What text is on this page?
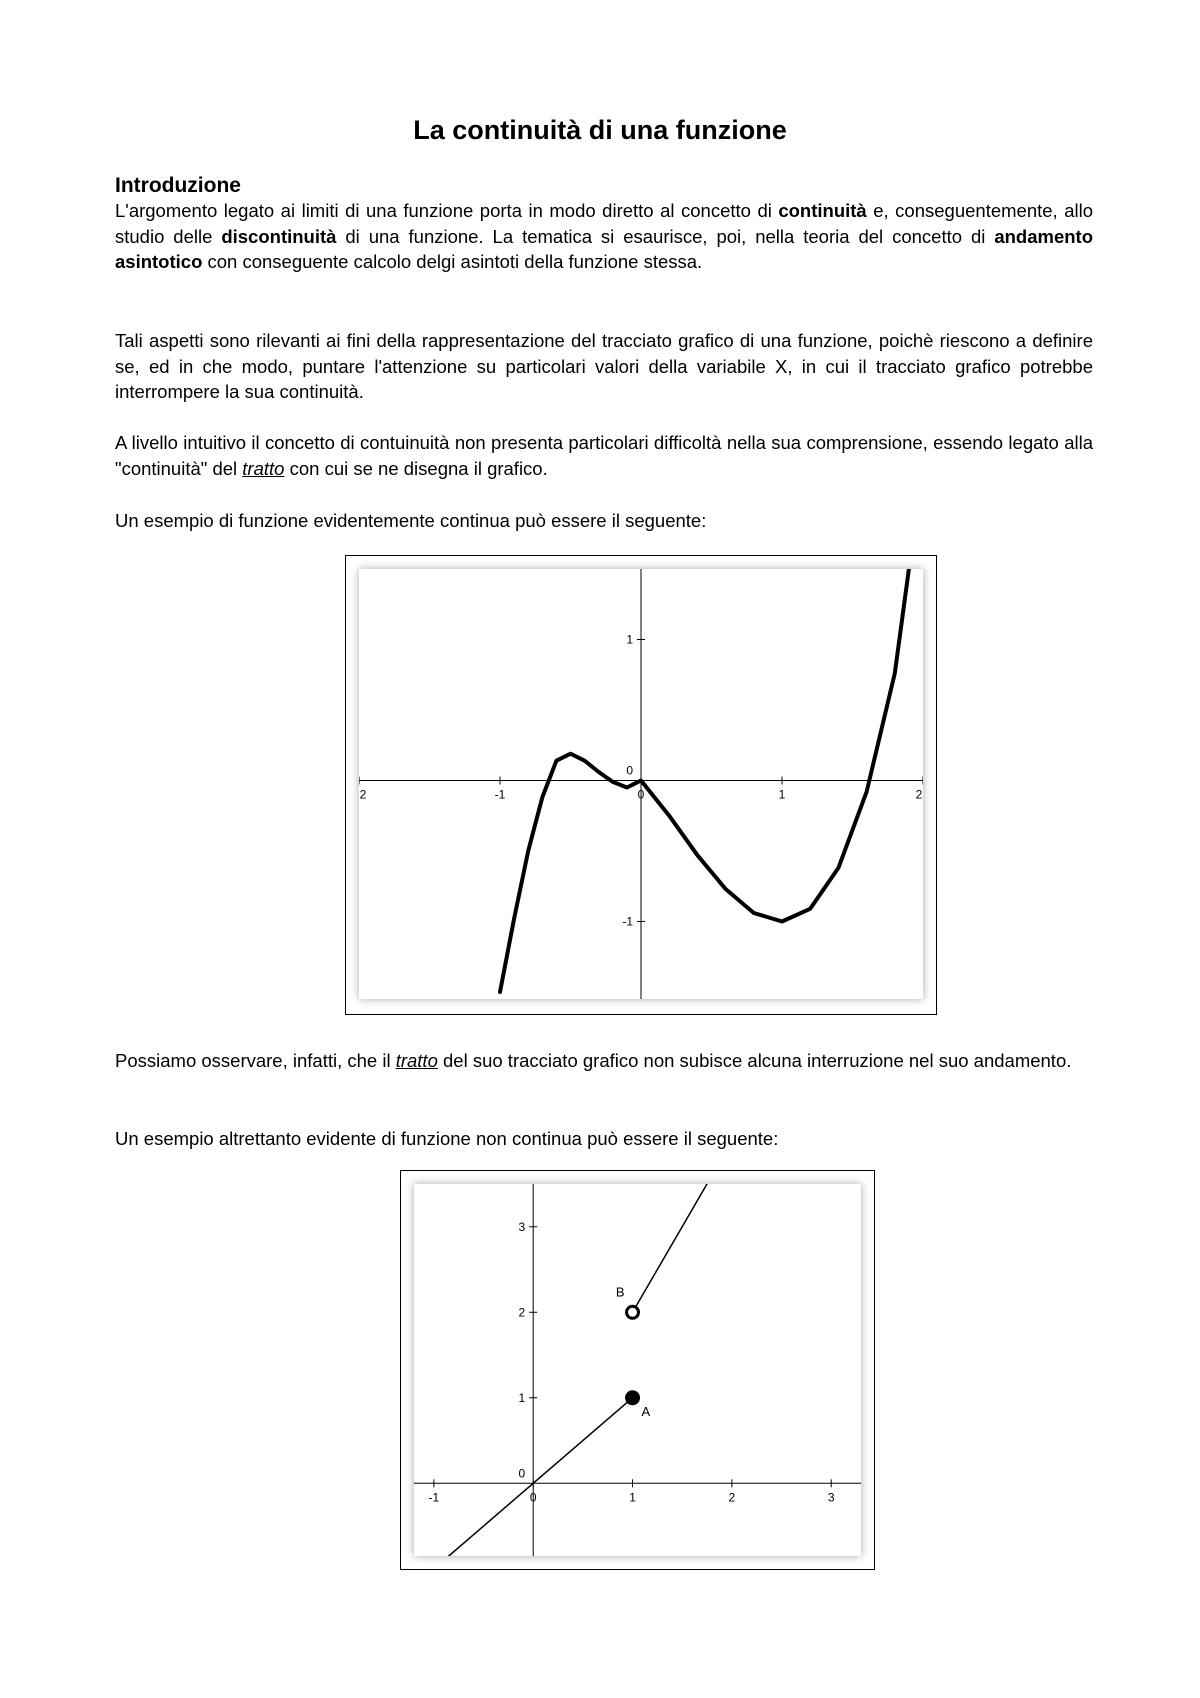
La continuità di una funzione
Introduzione

L'argomento legato ai limiti di una funzione porta in modo diretto al concetto di continuità e, conseguentemente, allo studio delle discontinuità di una funzione. La tematica si esaurisce, poi, nella teoria del concetto di andamento asintotico con conseguente calcolo delgi asintoti della funzione stessa.

Tali aspetti sono rilevanti ai fini della rappresentazione del tracciato grafico di una funzione, poichè riescono a definire se, ed in che modo, puntare l'attenzione su particolari valori della variabile X, in cui il tracciato grafico potrebbe interrompere la sua continuità.

A livello intuitivo il concetto di contuinuità non presenta particolari difficoltà nella sua comprensione, essendo legato alla "continuità" del tratto con cui se ne disegna il grafico.

Un esempio di funzione evidentemente continua può essere il seguente:

2	-1	0	1	2
1
0
-1

Possiamo osservare, infatti, che il tratto del suo tracciato grafico non subisce alcuna interruzione nel suo andamento.

Un esempio altrettanto evidente di funzione non continua può essere il seguente:

-1	0	1	2	3
3
2
1
0
A
B
